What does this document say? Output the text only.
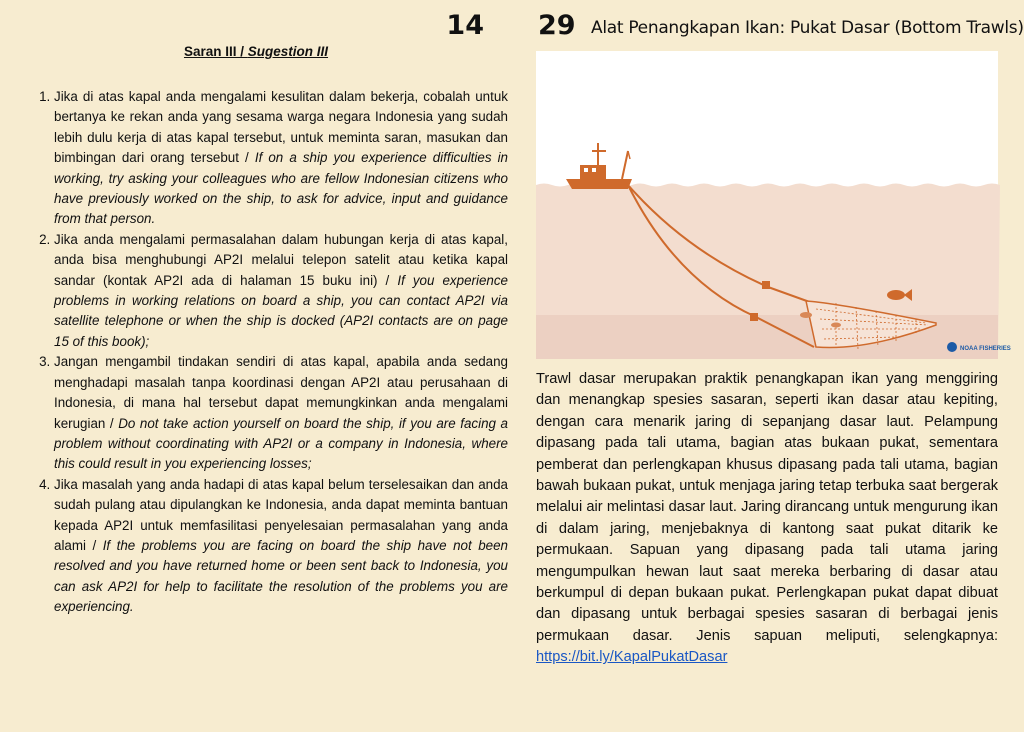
14
Saran III / Sugestion III
1. Jika di atas kapal anda mengalami kesulitan dalam bekerja, cobalah untuk bertanya ke rekan anda yang sesama warga negara Indonesia yang sudah lebih dulu kerja di atas kapal tersebut, untuk meminta saran, masukan dan bimbingan dari orang tersebut / If on a ship you experience difficulties in working, try asking your colleagues who are fellow Indonesian citizens who have previously worked on the ship, to ask for advice, input and guidance from that person.
2. Jika anda mengalami permasalahan dalam hubungan kerja di atas kapal, anda bisa menghubungi AP2I melalui telepon satelit atau ketika kapal sandar (kontak AP2I ada di halaman 15 buku ini) / If you experience problems in working relations on board a ship, you can contact AP2I via satellite telephone or when the ship is docked (AP2I contacts are on page 15 of this book);
3. Jangan mengambil tindakan sendiri di atas kapal, apabila anda sedang menghadapi masalah tanpa koordinasi dengan AP2I atau perusahaan di Indonesia, di mana hal tersebut dapat memungkinkan anda mengalami kerugian / Do not take action yourself on board the ship, if you are facing a problem without coordinating with AP2I or a company in Indonesia, where this could result in you experiencing losses;
4. Jika masalah yang anda hadapi di atas kapal belum terselesaikan dan anda sudah pulang atau dipulangkan ke Indonesia, anda dapat meminta bantuan kepada AP2I untuk memfasilitasi penyelesaian permasalahan yang anda alami / If the problems you are facing on board the ship have not been resolved and you have returned home or been sent back to Indonesia, you can ask AP2I for help to facilitate the resolution of the problems you are experiencing.
29 Alat Penangkapan Ikan: Pukat Dasar (Bottom Trawls)
NOAA FISHERIES

Trawl dasar merupakan praktik penangkapan ikan yang menggiring dan menangkap spesies sasaran, seperti ikan dasar atau kepiting, dengan cara menarik jaring di sepanjang dasar laut. Pelampung dipasang pada tali utama, bagian atas bukaan pukat, sementara pemberat dan perlengkapan khusus dipasang pada tali utama, bagian bawah bukaan pukat, untuk menjaga jaring tetap terbuka saat bergerak melalui air melintasi dasar laut. Jaring dirancang untuk mengurung ikan di dalam jaring, menjebaknya di kantong saat pukat ditarik ke permukaan. Sapuan yang dipasang pada tali utama jaring mengumpulkan hewan laut saat mereka berbaring di dasar atau berkumpul di depan bukaan pukat. Perlengkapan pukat dapat dibuat dan dipasang untuk berbagai spesies sasaran di berbagai jenis permukaan dasar. Jenis sapuan meliputi, selengkapnya: https://bit.ly/KapalPukatDasar
